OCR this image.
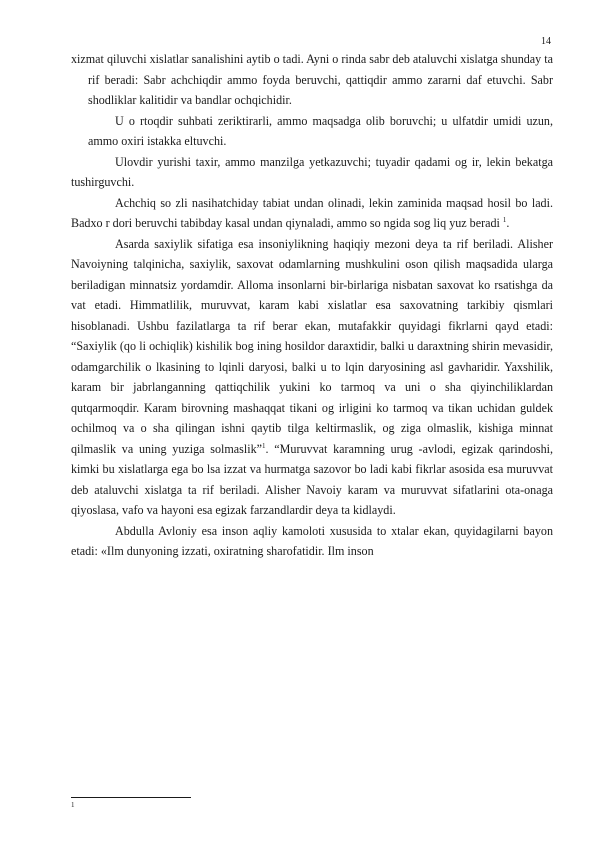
14

xizmat qiluvchi xislatlar sanalishini aytib o tadi. Ayni o rinda sabr deb ataluvchi xislatga shunday ta rif beradi: Sabr achchiqdir ammo foyda beruvchi, qattiqdir ammo zararni daf etuvchi. Sabr shodliklar kalitidir va bandlar ochqichidir.

U o rtoqdir suhbati zeriktirarli, ammo maqsadga olib boruvchi; u ulfatdir umidi uzun, ammo oxiri istakka eltuvchi.

Ulovdir yurishi taxir, ammo manzilga yetkazuvchi; tuyadir qadami og ir, lekin bekatga tushirguvchi.

Achchiq so zli nasihatchiday tabiat undan olinadi, lekin zaminida maqsad hosil bo ladi. Badxo r dori beruvchi tabibday kasal undan qiynaladi, ammo so ngida sog liq yuz beradi $^1$.

Asarda saxiylik sifatiga esa insoniylikning haqiqiy mezoni deya ta rif beriladi. Alisher Navoiyning talqinicha, saxiylik, saxovat odamlarning mushkulini oson qilish maqsadida ularga beriladigan minnatsiz yordamdir. Alloma insonlarni bir-birlariga nisbatan saxovat ko rsatishga da vat etadi. Himmatlilik, muruvvat, karam kabi xislatlar esa saxovatning tarkibiy qismlari hisoblanadi. Ushbu fazilatlarga ta rif berar ekan, mutafakkir quyidagi fikrlarni qayd etadi: “Saxiylik (qo li ochiqlik) kishilik bog ining hosildor daraxtidir, balki u daraxtning shirin mevasidir, odamgarchilik o lkasining to lqinli daryosi, balki u to lqin daryosining asl gavharidir. Yaxshilik, karam bir jabrlanganning qattiqchilik yukini ko tarmoq va uni o sha qiyinchiliklardan qutqarmoqdir. Karam birovning mashaqqat tikani og irligini ko tarmoq va tikan uchidan guldek ochilmoq va o sha qilingan ishni qaytib tilga keltirmaslik, og ziga olmaslik, kishiga minnat qilmaslik va uning yuziga solmaslik”$^1$. “Muruvvat karamning urug -avlodi, egizak qarindoshi, kimki bu xislatlarga ega bo lsa izzat va hurmatga sazovor bo ladi kabi fikrlar asosida esa muruvvat deb ataluvchi xislatga ta rif beriladi. Alisher Navoiy karam va muruvvat sifatlarini ota-onaga qiyoslasa, vafo va hayoni esa egizak farzandlardir deya ta kidlaydi.

Abdulla Avloniy esa inson aqliy kamoloti xususida to xtalar ekan, quyidagilarni bayon etadi: «Ilm dunyoning izzati, oxiratning sharofatidir. Ilm inson

1
